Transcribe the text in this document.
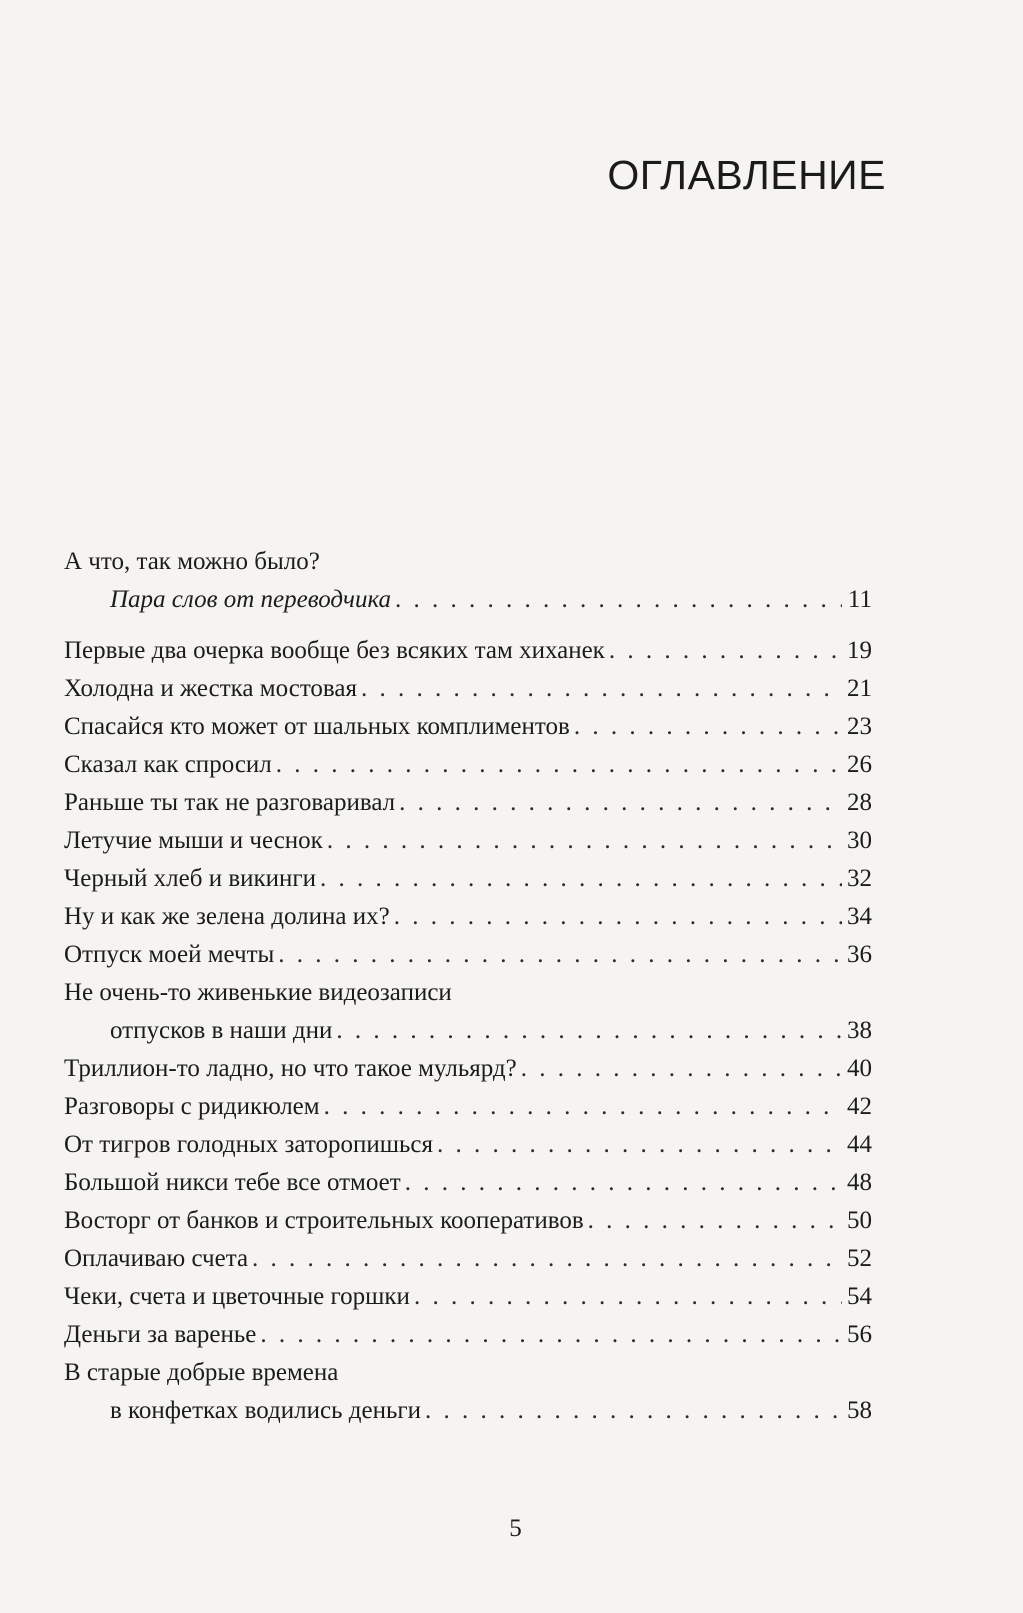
ОГЛАВЛЕНИЕ
А что, так можно было?
Пара слов от переводчика . . .	11
Первые два очерка вообще без всяких там хиханек . . .	19
Холодна и жестка мостовая . . .	21
Спасайся кто может от шальных комплиментов . . .	23
Сказал как спросил . . .	26
Раньше ты так не разговаривал . . .	28
Летучие мыши и чеснок . . .	30
Черный хлеб и викинги . . .	32
Ну и как же зелена долина их? . . .	34
Отпуск моей мечты . . .	36
Не очень-то живенькие видеозаписи
отпусков в наши дни . . .	38
Триллион-то ладно, но что такое мульярд? . . .	40
Разговоры с ридикюлем . . .	42
От тигров голодных заторопишься . . .	44
Большой никси тебе все отмоет . . .	48
Восторг от банков и строительных кооперативов . . .	50
Оплачиваю счета . . .	52
Чеки, счета и цветочные горшки . . .	54
Деньги за варенье . . .	56
В старые добрые времена
в конфетках водились деньги . . .	58
5
